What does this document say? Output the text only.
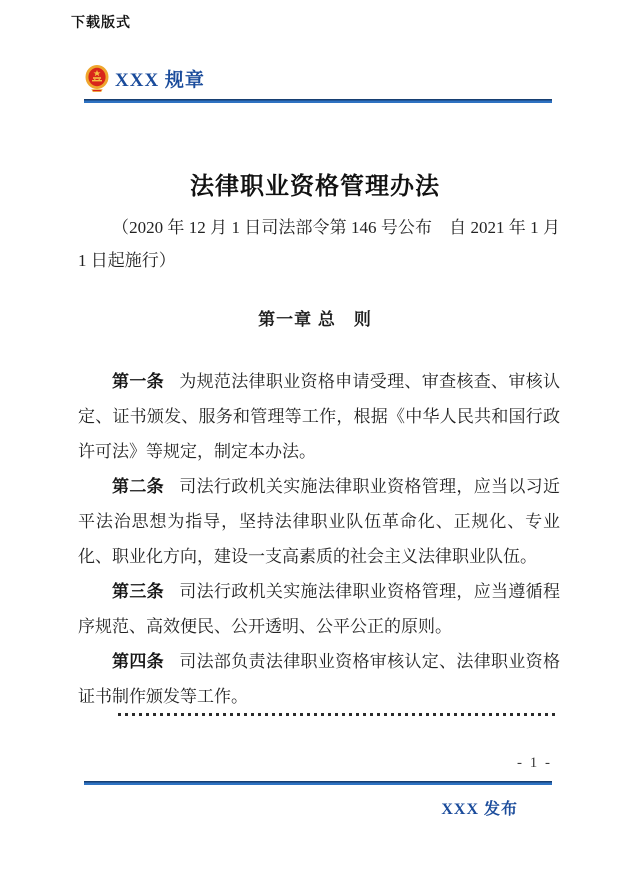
下载版式
XXX 规章
法律职业资格管理办法
（2020 年 12 月 1 日司法部令第 146 号公布　自 2021 年 1 月 1 日起施行）
第一章 总　则

第一条 为规范法律职业资格申请受理、审查核查、审核认定、证书颁发、服务和管理等工作，根据《中华人民共和国行政许可法》等规定，制定本办法。

第二条 司法行政机关实施法律职业资格管理，应当以习近平法治思想为指导，坚持法律职业队伍革命化、正规化、专业化、职业化方向，建设一支高素质的社会主义法律职业队伍。

第三条 司法行政机关实施法律职业资格管理，应当遵循程序规范、高效便民、公开透明、公平公正的原则。

第四条 司法部负责法律职业资格审核认定、法律职业资格证书制作颁发等工作。

- 1 -
XXX 发布
